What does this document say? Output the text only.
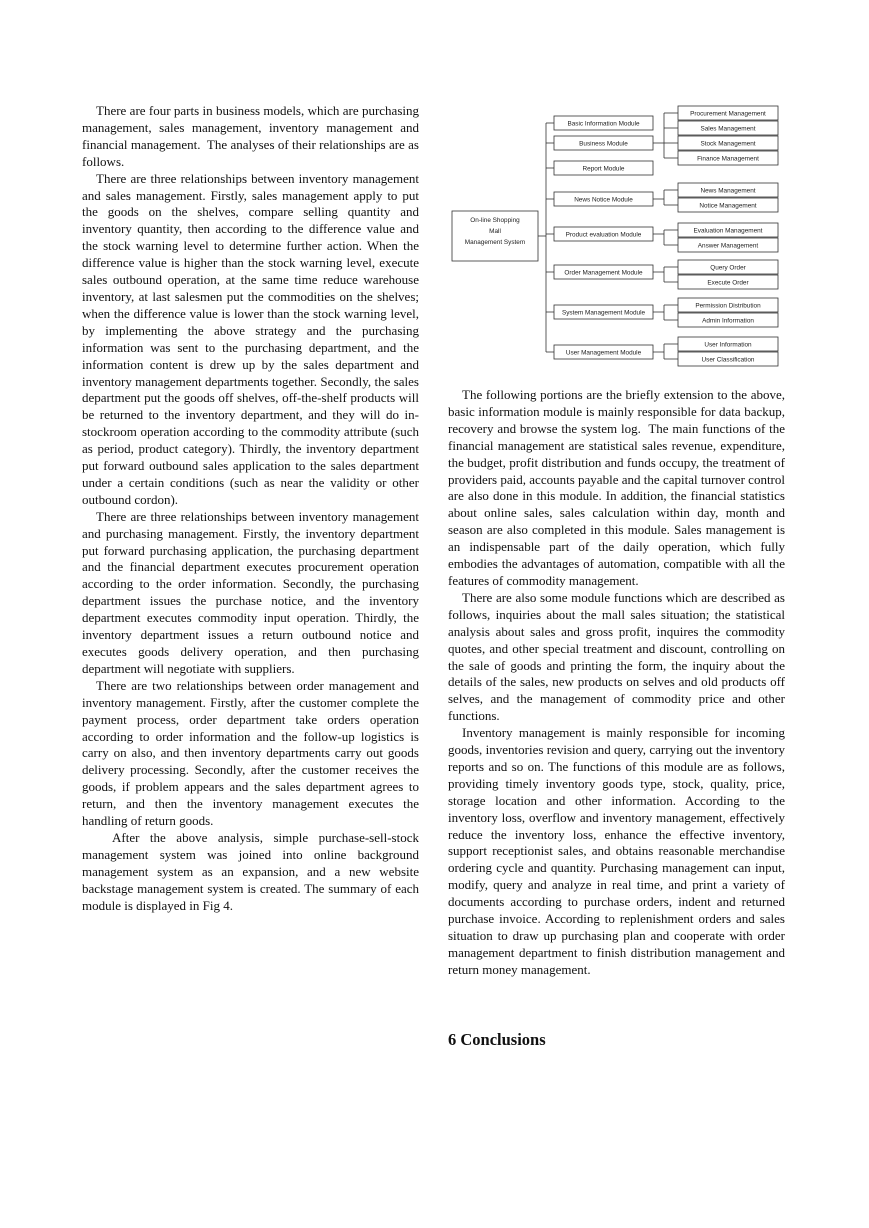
There are four parts in business models, which are purchasing management, sales management, inventory management and financial management.  The analyses of their relationships are as follows.

There are three relationships between inventory management and sales management. Firstly, sales management apply to put the goods on the shelves, compare selling quantity and inventory quantity, then according to the difference value and the stock warning level to determine further action. When the difference value is higher than the stock warning level, execute sales outbound operation, at the same time reduce warehouse inventory, at last salesmen put the commodities on the shelves; when the difference value is lower than the stock warning level, by implementing the above strategy and the purchasing information was sent to the purchasing department, and the information content is drew up by the sales department and inventory management departments together. Secondly, the sales department put the goods off shelves, off-the-shelf products will be returned to the inventory department, and they will do in-stockroom operation according to the commodity attribute (such as period, product category). Thirdly, the inventory department put forward outbound sales application to the sales department under a certain conditions (such as near the validity or other outbound cordon).

There are three relationships between inventory management and purchasing management. Firstly, the inventory department put forward purchasing application, the purchasing department and the financial department executes procurement operation according to the order information. Secondly, the purchasing department issues the purchase notice, and the inventory department executes commodity input operation. Thirdly, the inventory department issues a return outbound notice and executes goods delivery operation, and then purchasing department will negotiate with suppliers.

There are two relationships between order management and inventory management. Firstly, after the customer complete the payment process, order department take orders operation according to order information and the follow-up logistics is carry on also, and then inventory departments carry out goods delivery processing. Secondly, after the customer receives the goods, if problem appears and the sales department agrees to return, and then the inventory management executes the handling of return goods.

After the above analysis, simple purchase-sell-stock management system was joined into online background management system as an expansion, and a new website backstage management system is created. The summary of each module is displayed in Fig 4.

On-line Shopping
Mall
Management System
Basic Information Module
Business Module
Report Module
News Notice Module
Product evaluation Module
Order Management Module
System Management Module
User Management Module
Procurement Management
Sales Management
Stock Management
Finance Management
News Management
Notice Management
Evaluation Management
Answer Management
Query Order
Execute Order
Permission Distribution
Admin Information
User Information
User Classification

The following portions are the briefly extension to the above, basic information module is mainly responsible for data backup, recovery and browse the system log.  The main functions of the financial management are statistical sales revenue, expenditure, the budget, profit distribution and funds occupy, the treatment of providers paid, accounts payable and the capital turnover control are also done in this module. In addition, the financial statistics about online sales, sales calculation within day, month and season are also completed in this module. Sales management is an indispensable part of the daily operation, which fully embodies the advantages of automation, compatible with all the features of commodity management.

There are also some module functions which are described as follows, inquiries about the mall sales situation; the statistical analysis about sales and gross profit, inquires the commodity quotes, and other special treatment and discount, controlling on the sale of goods and printing the form, the inquiry about the details of the sales, new products on selves and old products off selves, and the management of commodity price and other functions.

Inventory management is mainly responsible for incoming goods, inventories revision and query, carrying out the inventory reports and so on. The functions of this module are as follows, providing timely inventory goods type, stock, quality, price, storage location and other information. According to the inventory loss, overflow and inventory management, effectively reduce the inventory loss, enhance the effective inventory, support receptionist sales, and obtains reasonable merchandise ordering cycle and quantity. Purchasing management can input, modify, query and analyze in real time, and print a variety of documents according to purchase orders, indent and returned purchase invoice. According to replenishment orders and sales situation to draw up purchasing plan and cooperate with order management department to finish distribution management and return money management.

6 Conclusions
